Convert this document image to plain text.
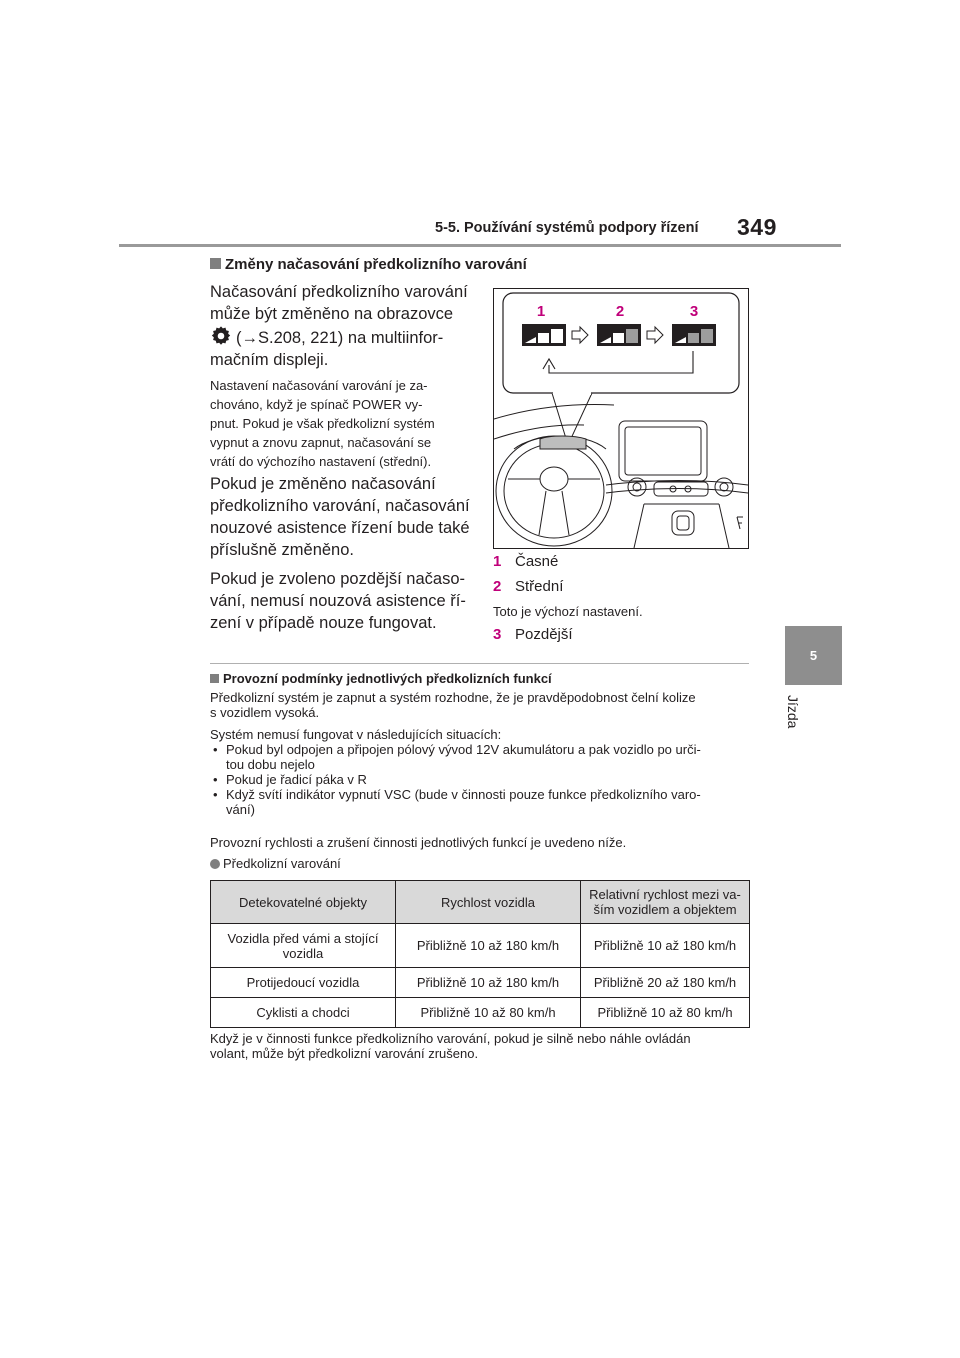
5-5. Používání systémů podpory řízení 349
5
Jízda
Změny načasování předkolizního varování
Načasování předkolizního varování
může být změněno na obrazovce
(→S.208, 221) na multiinfor-
mačním displeji.
Nastavení načasování varování je za-
chováno, když je spínač POWER vy-
pnut. Pokud je však předkolizní systém
vypnut a znovu zapnut, načasování se
vrátí do výchozího nastavení (střední).
Pokud je změněno načasování
předkolizního varování, načasování
nouzové asistence řízení bude také
příslušně změněno.
Pokud je zvoleno pozdější načaso-
vání, nemusí nouzová asistence ří-
zení v případě nouze fungovat.
1	2	3
1 Časné
2 Střední
Toto je výchozí nastavení.
3 Pozdější
Provozní podmínky jednotlivých předkolizních funkcí
Předkolizní systém je zapnut a systém rozhodne, že je pravděpodobnost čelní kolize
s vozidlem vysoká.
Systém nemusí fungovat v následujících situacích:
• Pokud byl odpojen a připojen pólový vývod 12V akumulátoru a pak vozidlo po urči-
tou dobu nejelo
• Pokud je řadicí páka v R
• Když svítí indikátor vypnutí VSC (bude v činnosti pouze funkce předkolizního varo-
vání)
Provozní rychlosti a zrušení činnosti jednotlivých funkcí je uvedeno níže.
Předkolizní varování
Detekovatelné objekty	Rychlost vozidla	Relativní rychlost mezi va-
ším vozidlem a objektem

Vozidla před vámi a stojící
vozidla	Přibližně 10 až 180 km/h	Přibližně 10 až 180 km/h
Protijedoucí vozidla	Přibližně 10 až 180 km/h	Přibližně 20 až 180 km/h
Cyklisti a chodci	Přibližně 10 až 80 km/h	Přibližně 10 až 80 km/h
Když je v činnosti funkce předkolizního varování, pokud je silně nebo náhle ovládán
volant, může být předkolizní varování zrušeno.
